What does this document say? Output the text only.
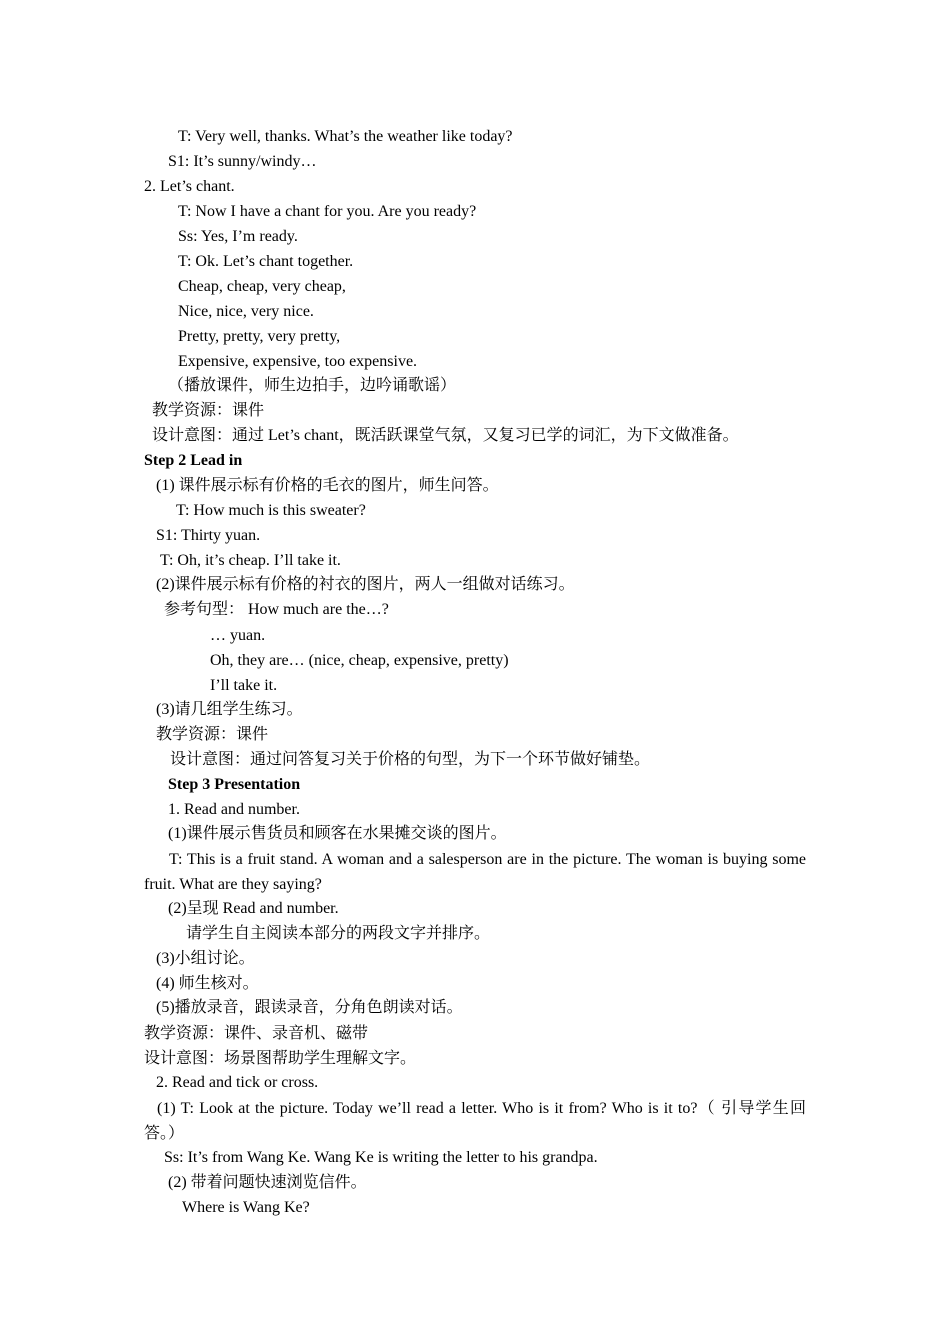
T: Very well, thanks. What’s the weather like today?
S1: It’s sunny/windy…
2. Let’s chant.
T: Now I have a chant for you. Are you ready?
Ss: Yes, I’m ready.
T: Ok. Let’s chant together.
Cheap, cheap, very cheap,
Nice, nice, very nice.
Pretty, pretty, very pretty,
Expensive, expensive, too expensive.
（播放课件，师生边拍手，边吟诵歌谣）
教学资源：课件
设计意图：通过 Let’s chant，既活跃课堂气氛，又复习已学的词汇，为下文做准备。
Step 2 Lead in
(1) 课件展示标有价格的毛衣的图片，师生问答。
T: How much is this sweater?
S1: Thirty yuan.
T: Oh, it’s cheap. I’ll take it.
(2)课件展示标有价格的衬衣的图片，两人一组做对话练习。
参考句型： How much are the…?
… yuan.
Oh, they are… (nice, cheap, expensive, pretty)
I’ll take it.
(3)请几组学生练习。
教学资源：课件
设计意图：通过问答复习关于价格的句型，为下一个环节做好铺垫。
Step 3 Presentation
1. Read and number.
(1)课件展示售货员和顾客在水果摊交谈的图片。
T: This is a fruit stand. A woman and a salesperson are in the picture. The woman is buying some fruit. What are they saying?
(2)呈现 Read and number.
请学生自主阅读本部分的两段文字并排序。
(3)小组讨论。
(4) 师生核对。
(5)播放录音，跟读录音，分角色朗读对话。
教学资源：课件、录音机、磁带
设计意图：场景图帮助学生理解文字。
2. Read and tick or cross.
(1) T: Look at the picture. Today we’ll read a letter. Who is it from? Who is it to?（ 引导学生回答。）
Ss: It’s from Wang Ke. Wang Ke is writing the letter to his grandpa.
(2) 带着问题快速浏览信件。
Where is Wang Ke?
